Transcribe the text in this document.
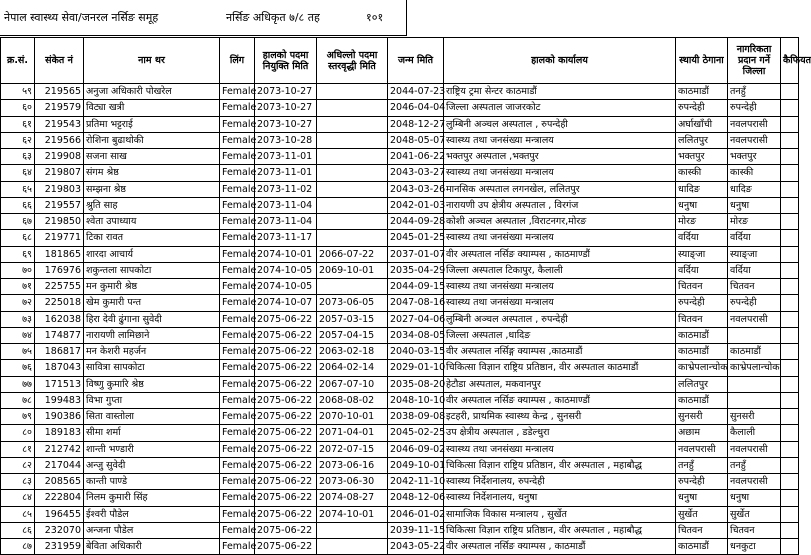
नेपाल स्वास्थ्य सेवा/जनरल नर्सिङ समूह	नर्सिङ अधिकृत ७/८ तह	१०१
क्र.सं.	संकेत नं	नाम थर	लिंग	हालको पदमा नियुक्ति मिति	अधिल्लो पदमा स्तरवृद्धी मिति	जन्म मिति	हालको कार्यालय	स्थायी ठेगाना	नागरिकता प्रदान गर्ने जिल्ला	कैफियत
५९	219565	अनुजा अधिकारी पोखरेल	Female	2073-10-27		2044-07-23	राष्ट्रिय ट्रमा सेन्टर काठमाडौं	काठमाडौं	तनहुँ	
६०	219579	विट्या खत्री	Female	2073-10-27		2046-04-04	जिल्ला अस्पताल जाजरकोट	रुपन्देही	रुपन्देही	
६१	219543	प्रतिमा भट्टराई	Female	2073-10-27		2048-12-27	लुम्बिनी अञ्चल अस्पताल , रुपन्देही	अर्घाखाँची	नवलपरासी	
६२	219566	रोशिना बुढाथोकी	Female	2073-10-28		2048-05-07	स्वास्थ्य तथा जनसंख्या मन्त्रालय	ललितपुर	नवलपरासी	
६३	219908	सजना साख	Female	2073-11-01		2041-06-22	भक्तपुर अस्पताल ,भक्तपुर	भक्तपुर	भक्तपुर	
६४	219807	संगम श्रेष्ठ	Female	2073-11-01		2043-03-27	स्वास्थ्य तथा जनसंख्या मन्त्रालय	कास्की	कास्की	
६५	219803	सम्झना श्रेष्ठ	Female	2073-11-02		2043-03-26	मानसिक अस्पताल लगनखेल, ललितपुर	धादिङ	धादिङ	
६६	219557	श्रुति साह	Female	2073-11-04		2042-01-03	नारायणी उप क्षेत्रीय अस्पताल , विरगंज	धनुषा	धनुषा	
६७	219850	श्वेता उपाध्याय	Female	2073-11-04		2044-09-28	कोशी अञ्चल अस्पताल ,विराटनगर,मोरङ	मोरङ	मोरङ	
६८	219771	टिका रावत	Female	2073-11-17		2045-01-25	स्वास्थ्य तथा जनसंख्या मन्त्रालय	वर्दिया	वर्दिया	
६९	181865	शारदा आचार्य	Female	2074-10-01	2066-07-22	2037-01-07	वीर अस्पताल नर्सिङ क्याम्पस , काठमाण्डौं	स्याङ्जा	स्याङ्जा	
७०	176976	शकुन्तला सापकोटा	Female	2074-10-05	2069-10-01	2035-04-29	जिल्ला अस्पताल टिकापुर, कैलाली	वर्दिया	वर्दिया	
७१	225755	मन कुमारी श्रेष्ठ	Female	2074-10-05		2044-09-15	स्वास्थ्य तथा जनसंख्या मन्त्रालय	चितवन	चितवन	
७२	225018	खेम कुमारी पन्त	Female	2074-10-07	2073-06-05	2047-08-16	स्वास्थ्य तथा जनसंख्या मन्त्रालय	रुपन्देही	रुपन्देही	
७३	162038	हिरा देवी ढुंगाना सुवेदी	Female	2075-06-22	2057-03-15	2027-04-06	लुम्बिनी अञ्चल अस्पताल , रुपन्देही	चितवन	नवलपरासी	
७४	174877	नारायणी लामिछाने	Female	2075-06-22	2057-04-15	2034-08-05	जिल्ला अस्पताल ,धादिङ	काठमाडौं		
७५	186817	मन केशरी महर्जन	Female	2075-06-22	2063-02-18	2040-03-15	वीर अस्पताल नर्सिङ्ग क्याम्पस ,काठमाडौं	काठमाडौं	काठमाडौं	
७६	187043	सावित्रा सापकोटा	Female	2075-06-22	2064-02-14	2029-01-10	चिकित्सा विज्ञान राष्ट्रिय प्रतिष्ठान, वीर अस्पताल काठमाडौं	काभ्रेपलान्चोक	काभ्रेपलान्चोक	
७७	171513	विष्णु कुमारि श्रेष्ठ	Female	2075-06-22	2067-07-10	2035-08-20	हेटौडा अस्पताल, मकवानपुर	ललितपुर		
७८	199483	विभा गुप्ता	Female	2075-06-22	2068-08-02	2048-10-10	वीर अस्पताल नर्सिङ क्याम्पस , काठमाण्डौं	काठमाडौं		
७९	190386	सिता वास्तोला	Female	2075-06-22	2070-10-01	2038-09-08	इटहरी, प्राथमिक स्वास्थ्य केन्द्र , सुनसरी	सुनसरी	सुनसरी	
८०	189183	सीमा शर्मा	Female	2075-06-22	2071-04-01	2045-02-25	उप क्षेत्रीय अस्पताल , डडेल्धुरा	अछाम	कैलाली	
८१	212742	शान्ती भण्डारी	Female	2075-06-22	2072-07-15	2046-09-02	स्वास्थ्य तथा जनसंख्या मन्त्रालय	नवलपरासी	नवलपरासी	
८२	217044	अन्जु सुवेदी	Female	2075-06-22	2073-06-16	2049-10-01	चिकित्सा विज्ञान राष्ट्रिय प्रतिष्ठान, वीर अस्पताल , महाबौद्ध	तनहुँ	तनहुँ	
८३	208565	कान्ती पाण्डे	Female	2075-06-22	2073-06-30	2042-11-10	स्वास्थ्य निर्देशनालय, रुपन्देही	रुपन्देही	नवलपरासी	
८४	222804	निलम कुमारी सिंह	Female	2075-06-22	2074-08-27	2048-12-06	स्वास्थ्य निर्देशनालय, धनुषा	धनुषा	धनुषा	
८५	196455	ईश्वरी पौडेल	Female	2075-06-22	2074-10-01	2046-01-02	सामाजिक विकास मन्त्रालय , सुर्खेत	सुर्खेत	सुर्खेत	
८६	232070	अन्जना पौडेल	Female	2075-06-22		2039-11-15	चिकित्सा विज्ञान राष्ट्रिय प्रतिष्ठान, वीर अस्पताल , महाबौद्ध	चितवन	चितवन	
८७	231959	बेविता अधिकारी	Female	2075-06-22		2043-05-22	वीर अस्पताल नर्सिङ क्याम्पस , काठमाडौं	काठमाडौं	धनकुटा	
